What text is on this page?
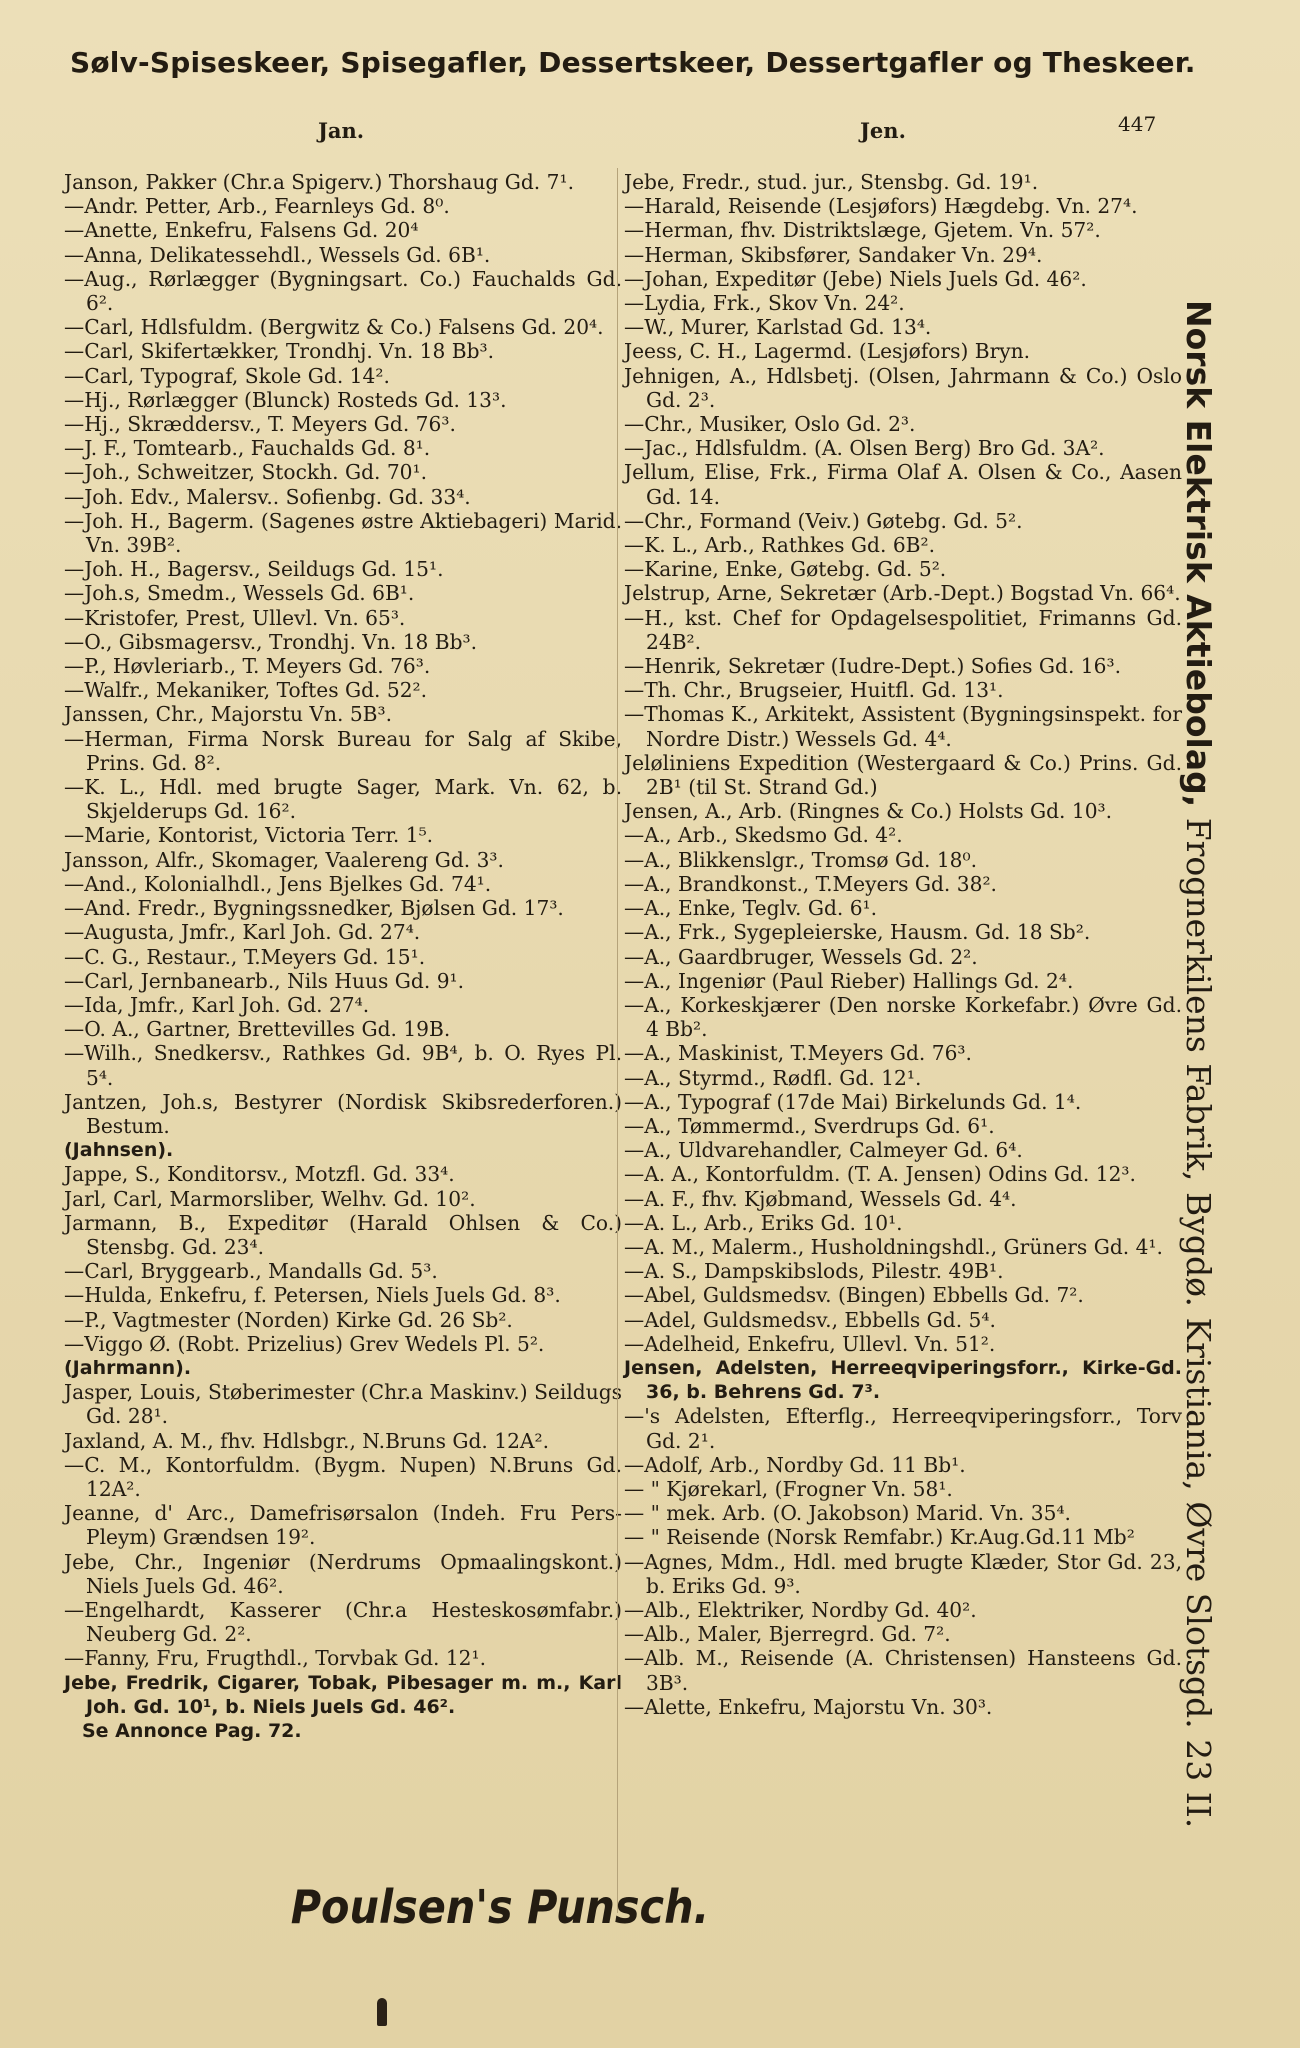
Sølv-Spiseskeer, Spisegafler, Dessertskeer, Dessertgafler og Theskeer.
Jan.	Jen.	447

Janson, Pakker (Chr.a Spigerv.) Thorshaug Gd. 7¹.

—Andr. Petter, Arb., Fearnleys Gd. 8⁰.

—Anette, Enkefru, Falsens Gd. 20⁴

—Anna, Delikatessehdl., Wessels Gd. 6B¹.

—Aug., Rørlægger (Bygningsart. Co.) Fauchalds Gd. 6².

—Carl, Hdlsfuldm. (Bergwitz & Co.) Falsens Gd. 20⁴.

—Carl, Skifertækker, Trondhj. Vn. 18 Bb³.

—Carl, Typograf, Skole Gd. 14².

—Hj., Rørlægger (Blunck) Rosteds Gd. 13³.

—Hj., Skræddersv., T. Meyers Gd. 76³.

—J. F., Tomtearb., Fauchalds Gd. 8¹.

—Joh., Schweitzer, Stockh. Gd. 70¹.

—Joh. Edv., Malersv.. Sofienbg. Gd. 33⁴.

—Joh. H., Bagerm. (Sagenes østre Aktiebageri) Marid. Vn. 39B².

—Joh. H., Bagersv., Seildugs Gd. 15¹.

—Joh.s, Smedm., Wessels Gd. 6B¹.

—Kristofer, Prest, Ullevl. Vn. 65³.

—O., Gibsmagersv., Trondhj. Vn. 18 Bb³.

—P., Høvleriarb., T. Meyers Gd. 76³.

—Walfr., Mekaniker, Toftes Gd. 52².

Janssen, Chr., Majorstu Vn. 5B³.

—Herman, Firma Norsk Bureau for Salg af Skibe, Prins. Gd. 8².

—K. L., Hdl. med brugte Sager, Mark. Vn. 62, b. Skjelderups Gd. 16².

—Marie, Kontorist, Victoria Terr. 1⁵.

Jansson, Alfr., Skomager, Vaalereng Gd. 3³.

—And., Kolonialhdl., Jens Bjelkes Gd. 74¹.

—And. Fredr., Bygningssnedker, Bjølsen Gd. 17³.

—Augusta, Jmfr., Karl Joh. Gd. 27⁴.

—C. G., Restaur., T.Meyers Gd. 15¹.

—Carl, Jernbanearb., Nils Huus Gd. 9¹.

—Ida, Jmfr., Karl Joh. Gd. 27⁴.

—O. A., Gartner, Brettevilles Gd. 19B.

—Wilh., Snedkersv., Rathkes Gd. 9B⁴, b. O. Ryes Pl. 5⁴.

Jantzen, Joh.s, Bestyrer (Nordisk Skibsrederforen.) Bestum.

(Jahnsen).

Jappe, S., Konditorsv., Motzfl. Gd. 33⁴.

Jarl, Carl, Marmorsliber, Welhv. Gd. 10².

Jarmann, B., Expeditør (Harald Ohlsen & Co.) Stensbg. Gd. 23⁴.

—Carl, Bryggearb., Mandalls Gd. 5³.

—Hulda, Enkefru, f. Petersen, Niels Juels Gd. 8³.

—P., Vagtmester (Norden) Kirke Gd. 26 Sb².

—Viggo Ø. (Robt. Prizelius) Grev Wedels Pl. 5².

(Jahrmann).

Jasper, Louis, Støberimester (Chr.a Maskinv.) Seildugs Gd. 28¹.

Jaxland, A. M., fhv. Hdlsbgr., N.Bruns Gd. 12A².

—C. M., Kontorfuldm. (Bygm. Nupen) N.Bruns Gd. 12A².

Jeanne, d' Arc., Damefrisørsalon (Indeh. Fru Pers-Pleym) Grændsen 19².

Jebe, Chr., Ingeniør (Nerdrums Opmaalingskont.) Niels Juels Gd. 46².

—Engelhardt, Kasserer (Chr.a Hesteskosømfabr.) Neuberg Gd. 2².

—Fanny, Fru, Frugthdl., Torvbak Gd. 12¹.

Jebe, Fredrik, Cigarer, Tobak, Pibesager m. m., Karl Joh. Gd. 10¹, b. Niels Juels Gd. 46².

Se Annonce Pag. 72.

Jebe, Fredr., stud. jur., Stensbg. Gd. 19¹.

—Harald, Reisende (Lesjøfors) Hægdebg. Vn. 27⁴.

—Herman, fhv. Distriktslæge, Gjetem. Vn. 57².

—Herman, Skibsfører, Sandaker Vn. 29⁴.

—Johan, Expeditør (Jebe) Niels Juels Gd. 46².

—Lydia, Frk., Skov Vn. 24².

—W., Murer, Karlstad Gd. 13⁴.

Jeess, C. H., Lagermd. (Lesjøfors) Bryn.

Jehnigen, A., Hdlsbetj. (Olsen, Jahrmann & Co.) Oslo Gd. 2³.

—Chr., Musiker, Oslo Gd. 2³.

—Jac., Hdlsfuldm. (A. Olsen Berg) Bro Gd. 3A².

Jellum, Elise, Frk., Firma Olaf A. Olsen & Co., Aasen Gd. 14.

—Chr., Formand (Veiv.) Gøtebg. Gd. 5².

—K. L., Arb., Rathkes Gd. 6B².

—Karine, Enke, Gøtebg. Gd. 5².

Jelstrup, Arne, Sekretær (Arb.-Dept.) Bogstad Vn. 66⁴.

—H., kst. Chef for Opdagelsespolitiet, Frimanns Gd. 24B².

—Henrik, Sekretær (Iudre-Dept.) Sofies Gd. 16³.

—Th. Chr., Brugseier, Huitfl. Gd. 13¹.

—Thomas K., Arkitekt, Assistent (Bygningsinspekt. for Nordre Distr.) Wessels Gd. 4⁴.

Jeløliniens Expedition (Westergaard & Co.) Prins. Gd. 2B¹ (til St. Strand Gd.)

Jensen, A., Arb. (Ringnes & Co.) Holsts Gd. 10³.

—A., Arb., Skedsmo Gd. 4².

—A., Blikkenslgr., Tromsø Gd. 18⁰.

—A., Brandkonst., T.Meyers Gd. 38².

—A., Enke, Teglv. Gd. 6¹.

—A., Frk., Sygepleierske, Hausm. Gd. 18 Sb².

—A., Gaardbruger, Wessels Gd. 2².

—A., Ingeniør (Paul Rieber) Hallings Gd. 2⁴.

—A., Korkeskjærer (Den norske Korkefabr.) Øvre Gd. 4 Bb².

—A., Maskinist, T.Meyers Gd. 76³.

—A., Styrmd., Rødfl. Gd. 12¹.

—A., Typograf (17de Mai) Birkelunds Gd. 1⁴.

—A., Tømmermd., Sverdrups Gd. 6¹.

—A., Uldvarehandler, Calmeyer Gd. 6⁴.

—A. A., Kontorfuldm. (T. A. Jensen) Odins Gd. 12³.

—A. F., fhv. Kjøbmand, Wessels Gd. 4⁴.

—A. L., Arb., Eriks Gd. 10¹.

—A. M., Malerm., Husholdningshdl., Grüners Gd. 4¹.

—A. S., Dampskibslods, Pilestr. 49B¹.

—Abel, Guldsmedsv. (Bingen) Ebbells Gd. 7².

—Adel, Guldsmedsv., Ebbells Gd. 5⁴.

—Adelheid, Enkefru, Ullevl. Vn. 51².

Jensen, Adelsten, Herreeqviperingsforr., Kirke-Gd. 36, b. Behrens Gd. 7³.

—'s Adelsten, Efterflg., Herreeqviperingsforr., Torv Gd. 2¹.

—Adolf, Arb., Nordby Gd. 11 Bb¹.

— " Kjørekarl, (Frogner Vn. 58¹.

— " mek. Arb. (O. Jakobson) Marid. Vn. 35⁴.

— " Reisende (Norsk Remfabr.) Kr.Aug.Gd.11 Mb²

—Agnes, Mdm., Hdl. med brugte Klæder, Stor Gd. 23, b. Eriks Gd. 9³.

—Alb., Elektriker, Nordby Gd. 40².

—Alb., Maler, Bjerregrd. Gd. 7².

—Alb. M., Reisende (A. Christensen) Hansteens Gd. 3B³.

—Alette, Enkefru, Majorstu Vn. 30³.

Norsk Elektrisk Aktiebolag, Frognerkilens Fabrik, Bygdø. Kristiania, Øvre Slotsgd. 23 II.
Poulsen's Punsch.
